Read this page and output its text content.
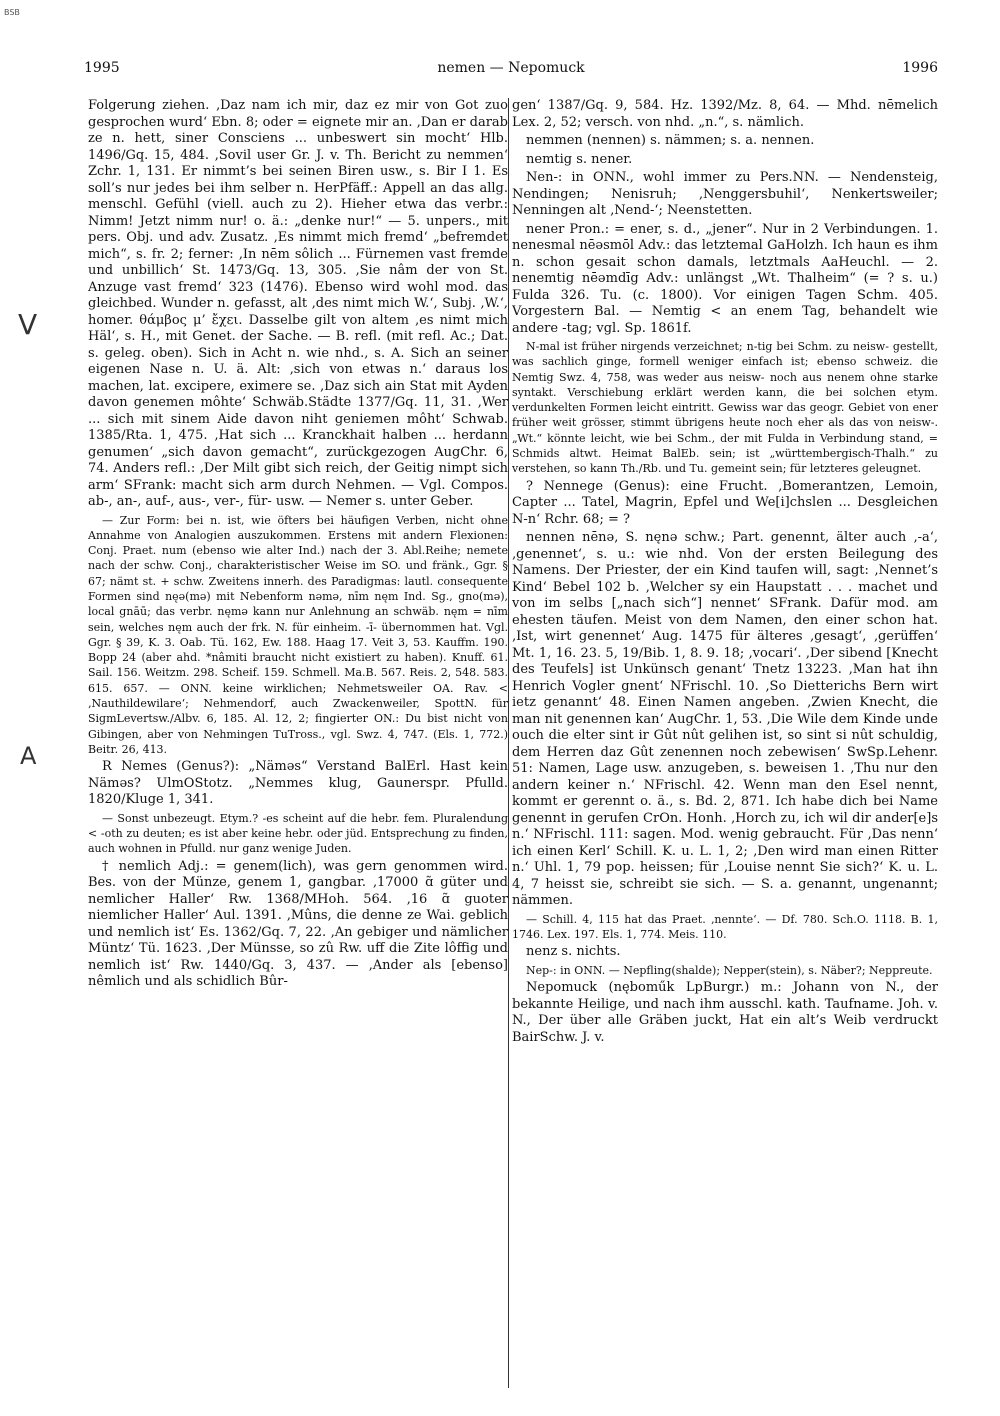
BSB
1995	nemen — Nepomuck	1996
V
A

Folgerung ziehen. ‚Daz nam ich mir, daz ez mir von Got zuo gesprochen wurd‘ Ebn. 8; oder = eignete mir an. ‚Dan er darab ze n. hett, siner Consciens ... unbeswert sin mocht‘ Hlb. 1496/Gq. 15, 484. ‚Sovil user Gr. J. v. Th. Bericht zu nemmen‘ Zchr. 1, 131. Er nimmt’s bei seinen Biren usw., s. Bir I 1. Es soll’s nur jedes bei ihm selber n. HerPfäff.: Appell an das allg. menschl. Gefühl (viell. auch zu 2). Hieher etwa das verbr.: Nimm! Jetzt nimm nur! o. ä.: „denke nur!“ — 5. unpers., mit pers. Obj. und adv. Zusatz. ‚Es nimmt mich fremd‘ „befremdet mich“, s. fr. 2; ferner: ‚In nēm sôlich ... Fürnemen vast fremde und unbillich‘ St. 1473/Gq. 13, 305. ‚Sie nâm der von St. Anzuge vast fremd‘ 323 (1476). Ebenso wird wohl mod. das gleichbed. Wunder n. gefasst, alt ‚des nimt mich W.‘, Subj. ‚W.‘, homer. θάμβος μ’ ἔχει. Dasselbe gilt von altem ‚es nimt mich Häl‘, s. H., mit Genet. der Sache. — B. refl. (mit refl. Ac.; Dat. s. geleg. oben). Sich in Acht n. wie nhd., s. A. Sich an seiner eigenen Nase n. U. ä. Alt: ‚sich von etwas n.‘ daraus los machen, lat. excipere, eximere se. ‚Daz sich ain Stat mit Ayden davon genemen môhte‘ Schwäb.Städte 1377/Gq. 11, 31. ‚Wer ... sich mit sinem Aide davon niht geniemen môht‘ Schwab. 1385/Rta. 1, 475. ‚Hat sich ... Kranckhait halben ... herdann genumen‘ „sich davon gemacht“, zurückgezogen AugChr. 6, 74. Anders refl.: ‚Der Milt gibt sich reich, der Geitig nimpt sich arm‘ SFrank: macht sich arm durch Nehmen. — Vgl. Compos. ab-, an-, auf-, aus-, ver-, für- usw. — Nemer s. unter Geber.

— Zur Form: bei n. ist, wie öfters bei häufigen Verben, nicht ohne Annahme von Analogien auszukommen. Erstens mit andern Flexionen: Conj. Praet. num (ebenso wie alter Ind.) nach der 3. Abl.Reihe; nemete nach der schw. Conj., charakteristischer Weise im SO. und fränk., Ggr. § 67; nämt st. + schw. Zweitens innerh. des Paradigmas: lautl. consequente Formen sind nęə(mə) mit Nebenform nəmə, nīm nęm Ind. Sg., gno(mə), local gnāū; das verbr. nęmə kann nur Anlehnung an schwäb. nęm = nīm sein, welches nęm auch der frk. N. für einheim. -ī- übernommen hat. Vgl. Ggr. § 39, K. 3. Oab. Tü. 162, Ew. 188. Haag 17. Veit 3, 53. Kauffm. 190. Bopp 24 (aber ahd. *nâmiti braucht nicht existiert zu haben). Knuff. 61. Sail. 156. Weitzm. 298. Scheif. 159. Schmell. Ma.B. 567. Reis. 2, 548. 583. 615. 657. — ONN. keine wirklichen; Nehmetsweiler OA. Rav. < ‚Nauthildewilare‘; Nehmendorf, auch Zwackenweiler, SpottN. für SigmLevertsw./Albv. 6, 185. Al. 12, 2; fingierter ON.: Du bist nicht von Gibingen, aber von Nehmingen TuTross., vgl. Swz. 4, 747. (Els. 1, 772.) Beitr. 26, 413.

R Nemes (Genus?): „Nämǝs“ Verstand BalErl. Hast kein Nämǝs? UlmOStotz. „Nemmes klug, Gaunerspr. Pfulld. 1820/Kluge 1, 341.

— Sonst unbezeugt. Etym.? -es scheint auf die hebr. fem. Pluralendung < -oth zu deuten; es ist aber keine hebr. oder jüd. Entsprechung zu finden, auch wohnen in Pfulld. nur ganz wenige Juden.

† nemlich Adj.: = genem(lich), was gern genommen wird. Bes. von der Münze, genem 1, gangbar. ‚17000 ɑ̃ güter und nemlicher Haller‘ Rw. 1368/MHoh. 564. ‚16 ɑ̃ guoter niemlicher Haller‘ Aul. 1391. ‚Mûns, die denne ze Wai. geblich und nemlich ist‘ Es. 1362/Gq. 7, 22. ‚An gebiger und nämlicher Müntz‘ Tü. 1623. ‚Der Münsse, so zû Rw. uff die Zite lôffig und nemlich ist‘ Rw. 1440/Gq. 3, 437. — ‚Ander als [ebenso] nêmlich und als schidlich Bûr-

gen‘ 1387/Gq. 9, 584. Hz. 1392/Mz. 8, 64. — Mhd. nēmelich Lex. 2, 52; versch. von nhd. „n.“, s. nämlich.

nemmen (nennen) s. nämmen; s. a. nennen.

nemtig s. nener.

Nen-: in ONN., wohl immer zu Pers.NN. — Nendensteig, Nendingen; Nenisruh; ‚Nenggersbuhil‘, Nenkertsweiler; Nenningen alt ‚Nend-‘; Neenstetten.

nener Pron.: = ener, s. d., „jener“. Nur in 2 Verbindungen. 1. nenesmal nēǝsmōl Adv.: das letztemal GaHolzh. Ich haun es ihm n. schon gesait schon damals, letztmals AaHeuchl. — 2. nenemtig nēǝmdīg Adv.: unlängst „Wt. Thalheim“ (= ? s. u.) Fulda 326. Tu. (c. 1800). Vor einigen Tagen Schm. 405. Vorgestern Bal. — Nemtig < an enem Tag, behandelt wie andere -tag; vgl. Sp. 1861f.

N-mal ist früher nirgends verzeichnet; n-tig bei Schm. zu neisw- gestellt, was sachlich ginge, formell weniger einfach ist; ebenso schweiz. die Nemtig Swz. 4, 758, was weder aus neisw- noch aus nenem ohne starke syntakt. Verschiebung erklärt werden kann, die bei solchen etym. verdunkelten Formen leicht eintritt. Gewiss war das geogr. Gebiet von ener früher weit grösser, stimmt übrigens heute noch eher als das von neisw-. „Wt.“ könnte leicht, wie bei Schm., der mit Fulda in Verbindung stand, = Schmids altwt. Heimat BalEb. sein; ist „württembergisch-Thalh.“ zu verstehen, so kann Th./Rb. und Tu. gemeint sein; für letzteres geleugnet.

? Nennege (Genus): eine Frucht. ‚Bomerantzen, Lemoin, Capter ... Tatel, Magrin, Epfel und We[i]chslen ... Desgleichen N-n‘ Rchr. 68; = ?

nennen nēnǝ, S. nęnǝ schw.; Part. genennt, älter auch ‚-a‘, ‚genennet‘, s. u.: wie nhd. Von der ersten Beilegung des Namens. Der Priester, der ein Kind taufen will, sagt: ‚Nennet’s Kind‘ Bebel 102 b. ‚Welcher sy ein Haupstatt . . . machet und von im selbs [„nach sich“] nennet‘ SFrank. Dafür mod. am ehesten täufen. Meist von dem Namen, den einer schon hat. ‚Ist, wirt genennet‘ Aug. 1475 für älteres ‚gesagt‘, ‚gerüffen‘ Mt. 1, 16. 23. 5, 19/Bib. 1, 8. 9. 18; ‚vocari‘. ‚Der sibend [Knecht des Teufels] ist Unkünsch genant‘ Tnetz 13223. ‚Man hat ihn Henrich Vogler gnent‘ NFrischl. 10. ‚So Dietterichs Bern wirt ietz genannt‘ 48. Einen Namen angeben. ‚Zwien Knecht, die man nit genennen kan‘ AugChr. 1, 53. ‚Die Wile dem Kinde unde ouch die elter sint ir Gût nût gelihen ist, so sint si nût schuldig, dem Herren daz Gût zenennen noch zebewisen‘ SwSp.Lehenr. 51: Namen, Lage usw. anzugeben, s. beweisen 1. ‚Thu nur den andern keiner n.‘ NFrischl. 42. Wenn man den Esel nennt, kommt er gerennt o. ä., s. Bd. 2, 871. Ich habe dich bei Name genennt in gerufen CrOn. Honh. ‚Horch zu, ich wil dir ander[e]s n.‘ NFrischl. 111: sagen. Mod. wenig gebraucht. Für ‚Das nenn‘ ich einen Kerl‘ Schill. K. u. L. 1, 2; ‚Den wird man einen Ritter n.‘ Uhl. 1, 79 pop. heissen; für ‚Louise nennt Sie sich?‘ K. u. L. 4, 7 heisst sie, schreibt sie sich. — S. a. genannt, ungenannt; nämmen.

— Schill. 4, 115 hat das Praet. ‚nennte‘. — Df. 780. Sch.O. 1118. B. 1, 1746. Lex. 197. Els. 1, 774. Meis. 110.

nenz s. nichts.

Nep-: in ONN. — Nepfling(shalde); Nepper(stein), s. Näber?; Neppreute.

Nepomuck (nęboműk LpBurgr.) m.: Johann von N., der bekannte Heilige, und nach ihm ausschl. kath. Taufname. Joh. v. N., Der über alle Gräben juckt, Hat ein alt’s Weib verdruckt BairSchw. J. v.
